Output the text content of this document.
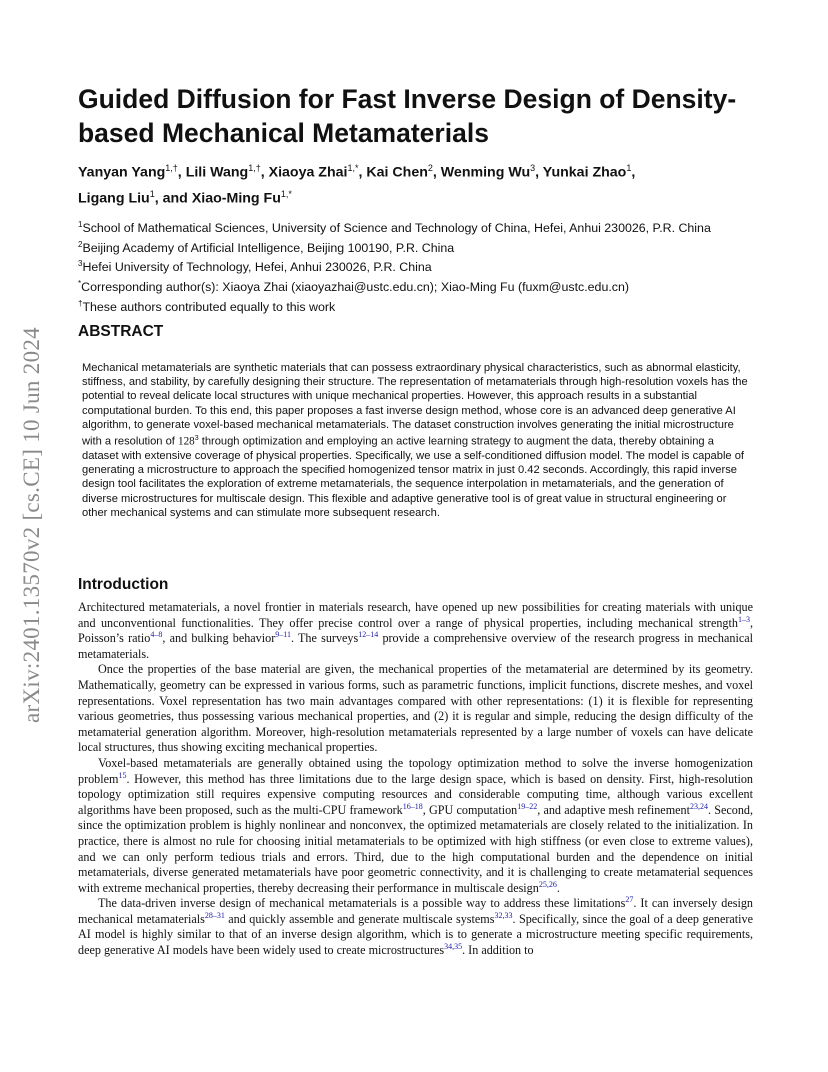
arXiv:2401.13570v2 [cs.CE] 10 Jun 2024
Guided Diffusion for Fast Inverse Design of Density-based Mechanical Metamaterials
Yanyan Yang$^{1,\dagger}$, Lili Wang$^{1,\dagger}$, Xiaoya Zhai$^{1,*}$, Kai Chen$^2$, Wenming Wu$^3$, Yunkai Zhao$^1$,
Ligang Liu$^1$, and Xiao-Ming $Fu^{1,*}$
$^1$School of Mathematical Sciences, University of Science and Technology of China, Hefei, Anhui 230026, P.R. China
$^2$Beijing Academy of Artificial Intelligence, Beijing 100190, P.R. China
$^3$Hefei University of Technology, Hefei, Anhui 230026, P.R. China
*Corresponding author(s): Xiaoya Zhai (xiaoyazhai@ustc.edu.cn); Xiao-Ming Fu (fuxm@ustc.edu.cn)
†These authors contributed equally to this work
ABSTRACT
Mechanical metamaterials are synthetic materials that can possess extraordinary physical characteristics, such as abnormal elasticity, stiffness, and stability, by carefully designing their structure. The representation of metamaterials through high-resolution voxels has the potential to reveal delicate local structures with unique mechanical properties. However, this approach results in a substantial computational burden. To this end, this paper proposes a fast inverse design method, whose core is an advanced deep generative AI algorithm, to generate voxel-based mechanical metamaterials. The dataset construction involves generating the initial microstructure with a resolution of $128^3$ through optimization and employing an active learning strategy to augment the data, thereby obtaining a dataset with extensive coverage of physical properties. Specifically, we use a self-conditioned diffusion model. The model is capable of generating a microstructure to approach the specified homogenized tensor matrix in just 0.42 seconds. Accordingly, this rapid inverse design tool facilitates the exploration of extreme metamaterials, the sequence interpolation in metamaterials, and the generation of diverse microstructures for multiscale design. This flexible and adaptive generative tool is of great value in structural engineering or other mechanical systems and can stimulate more subsequent research.
Introduction

Architectured metamaterials, a novel frontier in materials research, have opened up new possibilities for creating materials with unique and unconventional functionalities. They offer precise control over a range of physical properties, including mechanical strength$^{1-3}$, Poisson’s ratio$^{4-8}$, and bulking behavior$^{9-11}$. The surveys$^{12-14}$ provide a comprehensive overview of the research progress in mechanical metamaterials.

Once the properties of the base material are given, the mechanical properties of the metamaterial are determined by its geometry. Mathematically, geometry can be expressed in various forms, such as parametric functions, implicit functions, discrete meshes, and voxel representations. Voxel representation has two main advantages compared with other representations: (1) it is flexible for representing various geometries, thus possessing various mechanical properties, and (2) it is regular and simple, reducing the design difficulty of the metamaterial generation algorithm. Moreover, high-resolution metamaterials represented by a large number of voxels can have delicate local structures, thus showing exciting mechanical properties.

Voxel-based metamaterials are generally obtained using the topology optimization method to solve the inverse homogenization problem$^{15}$. However, this method has three limitations due to the large design space, which is based on density. First, high-resolution topology optimization still requires expensive computing resources and considerable computing time, although various excellent algorithms have been proposed, such as the multi-CPU framework$^{16-18}$, GPU computation$^{19-22}$, and adaptive mesh refinement$^{23,24}$. Second, since the optimization problem is highly nonlinear and nonconvex, the optimized metamaterials are closely related to the initialization. In practice, there is almost no rule for choosing initial metamaterials to be optimized with high stiffness (or even close to extreme values), and we can only perform tedious trials and errors. Third, due to the high computational burden and the dependence on initial metamaterials, diverse generated metamaterials have poor geometric connectivity, and it is challenging to create metamaterial sequences with extreme mechanical properties, thereby decreasing their performance in multiscale design$^{25,26}$.

The data-driven inverse design of mechanical metamaterials is a possible way to address these limitations$^{27}$. It can inversely design mechanical metamaterials$^{28-31}$ and quickly assemble and generate multiscale systems$^{32,33}$. Specifically, since the goal of a deep generative AI model is highly similar to that of an inverse design algorithm, which is to generate a microstructure meeting specific requirements, deep generative AI models have been widely used to create microstructures$^{34,35}$. In addition to
